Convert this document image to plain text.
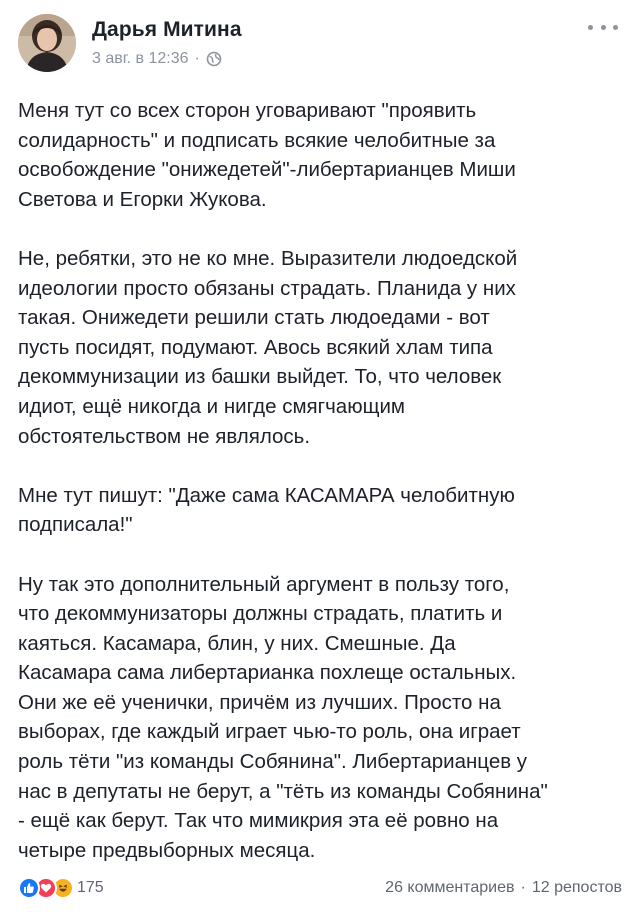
Дарья Митина
3 авг. в 12:36 ·

Меня тут со всех сторон уговаривают "проявить
солидарность" и подписать всякие челобитные за
освобождение "онижедетей"-либертарианцев Миши
Светова и Егорки Жукова.

Не, ребятки, это не ко мне. Выразители людоедской
идеологии просто обязаны страдать. Планида у них
такая. Онижедети решили стать людоедами - вот
пусть посидят, подумают. Авось всякий хлам типа
декоммунизации из башки выйдет. То, что человек
идиот, ещё никогда и нигде смягчающим
обстоятельством не являлось.

Мне тут пишут: "Даже сама КАСАМАРА челобитную
подписала!"

Ну так это дополнительный аргумент в пользу того,
что декоммунизаторы должны страдать, платить и
каяться. Касамара, блин, у них. Смешные. Да
Касамара сама либертарианка похлеще остальных.
Они же её ученички, причём из лучших. Просто на
выборах, где каждый играет чью-то роль, она играет
роль тёти "из команды Собянина". Либертарианцев у
нас в депутаты не берут, а "тёть из команды Собянина"
- ещё как берут. Так что мимикрия эта её ровно на
четыре предвыборных месяца.

175	26 комментариев · 12 репостов
